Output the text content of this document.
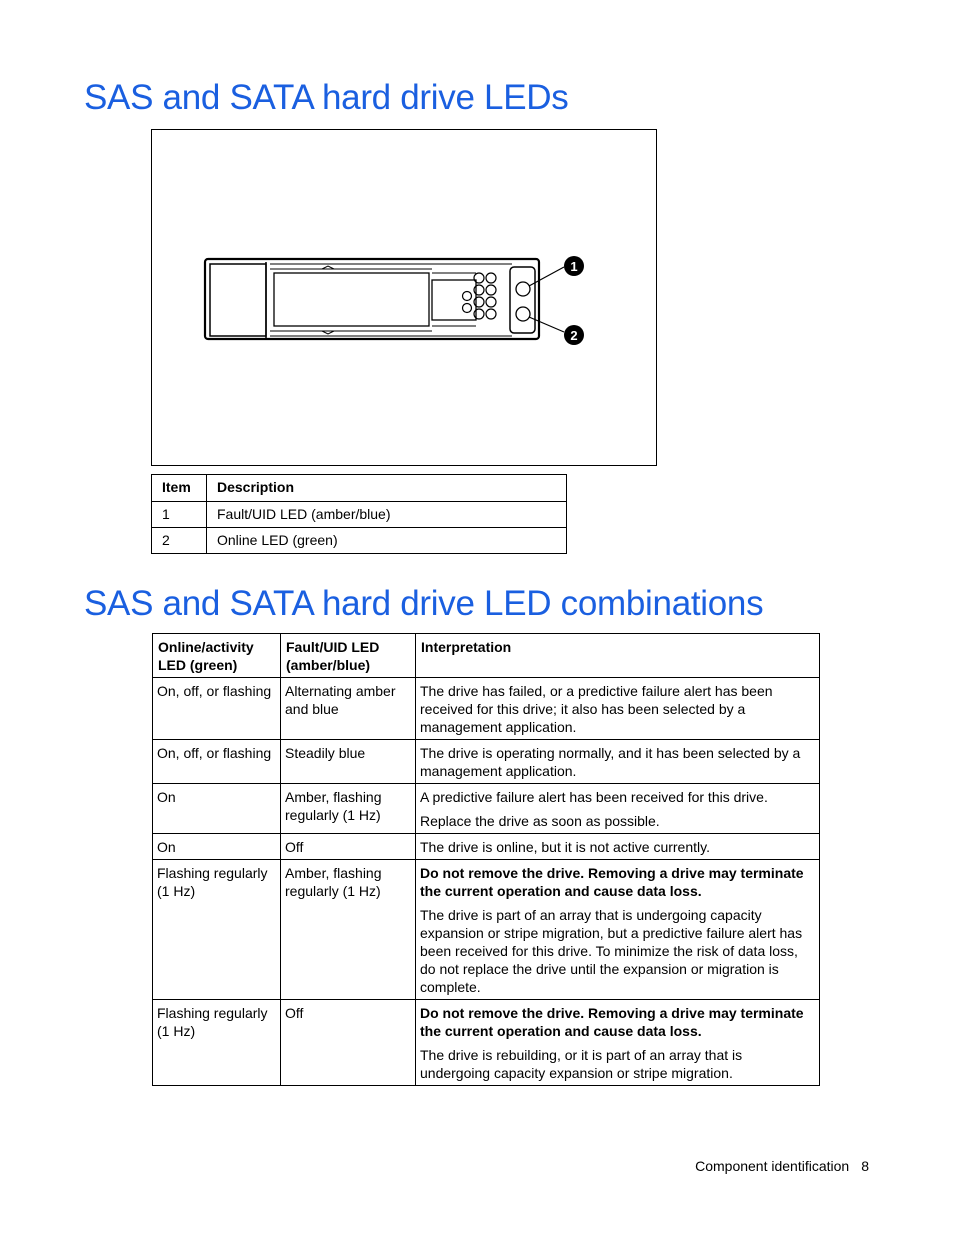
SAS and SATA hard drive LEDs
1
2
Item	Description
1	Fault/UID LED (amber/blue)
2	Online LED (green)
SAS and SATA hard drive LED combinations
Online/activity LED (green)	Fault/UID LED (amber/blue)	Interpretation
On, off, or flashing	Alternating amber and blue	The drive has failed, or a predictive failure alert has been received for this drive; it also has been selected by a management application.

On, off, or flashing	Steadily blue	The drive is operating normally, and it has been selected by a management application.

On	Amber, flashing regularly (1 Hz)	A predictive failure alert has been received for this drive.

Replace the drive as soon as possible.

On	Off	The drive is online, but it is not active currently.

Flashing regularly (1 Hz)	Amber, flashing regularly (1 Hz)	Do not remove the drive. Removing a drive may terminate the current operation and cause data loss.

The drive is part of an array that is undergoing capacity expansion or stripe migration, but a predictive failure alert has been received for this drive. To minimize the risk of data loss, do not replace the drive until the expansion or migration is complete.

Flashing regularly (1 Hz)	Off	Do not remove the drive. Removing a drive may terminate the current operation and cause data loss.

The drive is rebuilding, or it is part of an array that is undergoing capacity expansion or stripe migration.

Component identification 8
